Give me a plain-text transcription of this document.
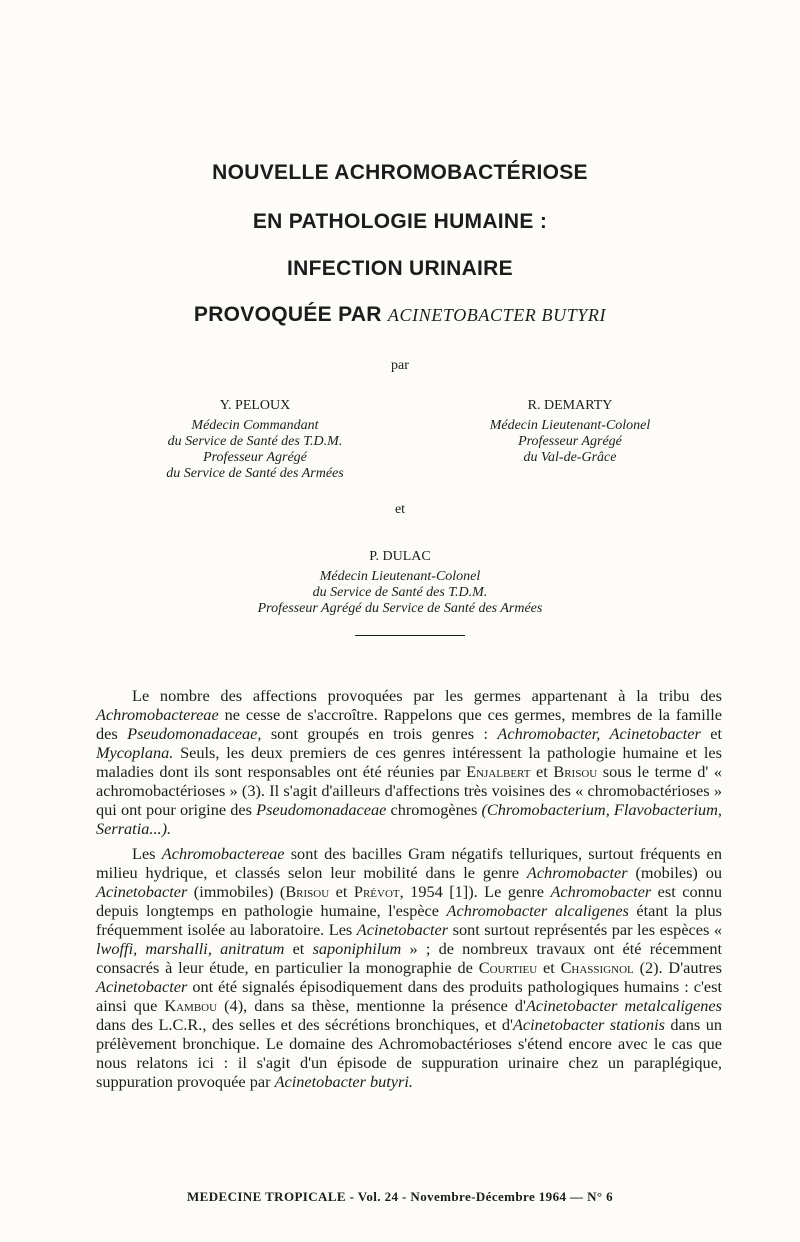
NOUVELLE ACHROMOBACTÉRIOSE
EN PATHOLOGIE HUMAINE :
INFECTION URINAIRE
PROVOQUÉE PAR ACINETOBACTER BUTYRI
par
Y. PELOUX
Médecin Commandant
du Service de Santé des T.D.M.
Professeur Agrégé
du Service de Santé des Armées
R. DEMARTY
Médecin Lieutenant-Colonel
Professeur Agrégé
du Val-de-Grâce
et
P. DULAC
Médecin Lieutenant-Colonel
du Service de Santé des T.D.M.
Professeur Agrégé du Service de Santé des Armées

Le nombre des affections provoquées par les germes appartenant à la tribu des Achromobactereae ne cesse de s'accroître. Rappelons que ces germes, membres de la famille des Pseudomonadaceae, sont groupés en trois genres : Achromobacter, Acinetobacter et Mycoplana. Seuls, les deux premiers de ces genres intéressent la pathologie humaine et les maladies dont ils sont responsables ont été réunies par Enjalbert et Brisou sous le terme d' « achromobactérioses » (3). Il s'agit d'ailleurs d'affections très voisines des « chromobactérioses » qui ont pour origine des Pseudomonadaceae chromogènes (Chromobacterium, Flavobacterium, Serratia...).

Les Achromobactereae sont des bacilles Gram négatifs telluriques, surtout fréquents en milieu hydrique, et classés selon leur mobilité dans le genre Achromobacter (mobiles) ou Acinetobacter (immobiles) (Brisou et Prévot, 1954 [1]). Le genre Achromobacter est connu depuis longtemps en pathologie humaine, l'espèce Achromobacter alcaligenes étant la plus fréquemment isolée au laboratoire. Les Acinetobacter sont surtout représentés par les espèces « lwoffi, marshalli, anitratum et saponiphilum » ; de nombreux travaux ont été récemment consacrés à leur étude, en particulier la monographie de Courtieu et Chassignol (2). D'autres Acinetobacter ont été signalés épisodiquement dans des produits pathologiques humains : c'est ainsi que Kambou (4), dans sa thèse, mentionne la présence d'Acinetobacter metalcaligenes dans des L.C.R., des selles et des sécrétions bronchiques, et d'Acinetobacter stationis dans un prélèvement bronchique. Le domaine des Achromobactérioses s'étend encore avec le cas que nous relatons ici : il s'agit d'un épisode de suppuration urinaire chez un paraplégique, suppuration provoquée par Acinetobacter butyri.

MEDECINE TROPICALE - Vol. 24 - Novembre-Décembre 1964 — N° 6
